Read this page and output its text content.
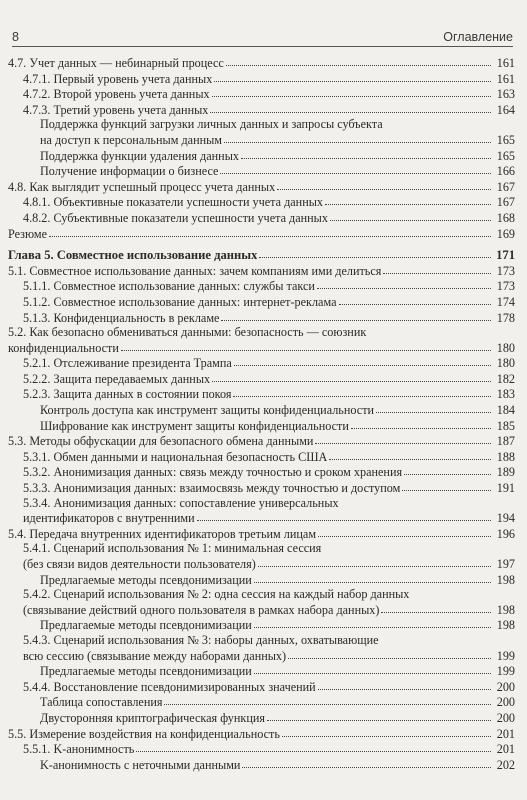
8	Оглавление
4.7. Учет данных — небинарный процесс	161
4.7.1. Первый уровень учета данных	161
4.7.2. Второй уровень учета данных	163
4.7.3. Третий уровень учета данных	164
Поддержка функций загрузки личных данных и запросы субъекта
на доступ к персональным данным	165
Поддержка функции удаления данных	165
Получение информации о бизнесе	166
4.8. Как выглядит успешный процесс учета данных	167
4.8.1. Объективные показатели успешности учета данных	167
4.8.2. Субъективные показатели успешности учета данных	168
Резюме	169
Глава 5. Совместное использование данных	171
5.1. Совместное использование данных: зачем компаниям ими делиться	173
5.1.1. Совместное использование данных: службы такси	173
5.1.2. Совместное использование данных: интернет-реклама	174
5.1.3. Конфиденциальность в рекламе	178
5.2. Как безопасно обмениваться данными: безопасность — союзник
конфиденциальности	180
5.2.1. Отслеживание президента Трампа	180
5.2.2. Защита передаваемых данных	182
5.2.3. Защита данных в состоянии покоя	183
Контроль доступа как инструмент защиты конфиденциальности	184
Шифрование как инструмент защиты конфиденциальности	185
5.3. Методы обфускации для безопасного обмена данными	187
5.3.1. Обмен данными и национальная безопасность США	188
5.3.2. Анонимизация данных: связь между точностью и сроком хранения	189
5.3.3. Анонимизация данных: взаимосвязь между точностью и доступом	191
5.3.4. Анонимизация данных: сопоставление универсальных
идентификаторов с внутренними	194
5.4. Передача внутренних идентификаторов третьим лицам	196
5.4.1. Сценарий использования № 1: минимальная сессия
(без связи видов деятельности пользователя)	197
Предлагаемые методы псевдонимизации	198
5.4.2. Сценарий использования № 2: одна сессия на каждый набор данных
(связывание действий одного пользователя в рамках набора данных)	198
Предлагаемые методы псевдонимизации	198
5.4.3. Сценарий использования № 3: наборы данных, охватывающие
всю сессию (связывание между наборами данных)	199
Предлагаемые методы псевдонимизации	199
5.4.4. Восстановление псевдонимизированных значений	200
Таблица сопоставления	200
Двусторонняя криптографическая функция	200
5.5. Измерение воздействия на конфиденциальность	201
5.5.1. K-анонимность	201
K-анонимность с неточными данными	202
